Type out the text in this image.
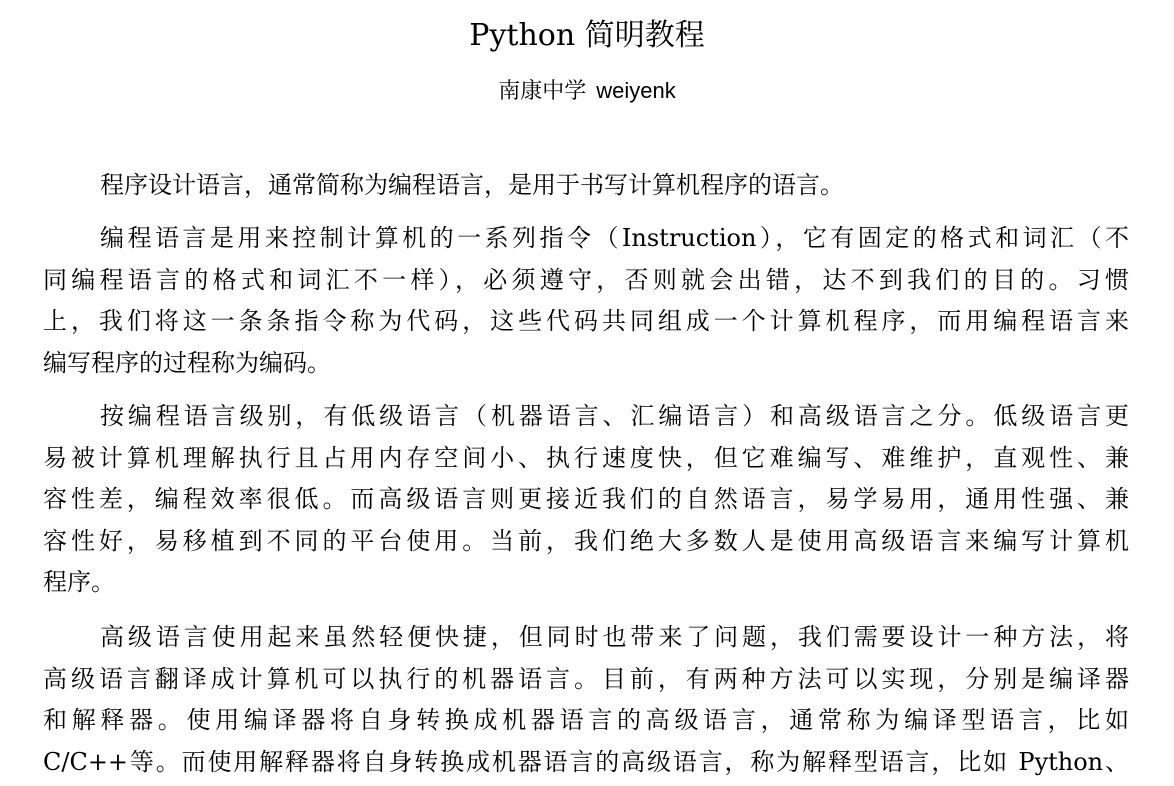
Python 简明教程
南康中学 weiyenk
程序设计语言，通常简称为编程语言，是用于书写计算机程序的语言。
编程语言是用来控制计算机的一系列指令（Instruction），它有固定的格式和词汇（不
同编程语言的格式和词汇不一样），必须遵守，否则就会出错，达不到我们的目的。习惯
上，我们将这一条条指令称为代码，这些代码共同组成一个计算机程序，而用编程语言来
编写程序的过程称为编码。
按编程语言级别，有低级语言（机器语言、汇编语言）和高级语言之分。低级语言更
易被计算机理解执行且占用内存空间小、执行速度快，但它难编写、难维护，直观性、兼
容性差，编程效率很低。而高级语言则更接近我们的自然语言，易学易用，通用性强、兼
容性好，易移植到不同的平台使用。当前，我们绝大多数人是使用高级语言来编写计算机
程序。
高级语言使用起来虽然轻便快捷，但同时也带来了问题，我们需要设计一种方法，将
高级语言翻译成计算机可以执行的机器语言。目前，有两种方法可以实现，分别是编译器
和解释器。使用编译器将自身转换成机器语言的高级语言，通常称为编译型语言，比如
C/C++等。而使用解释器将自身转换成机器语言的高级语言，称为解释型语言，比如 Python、
